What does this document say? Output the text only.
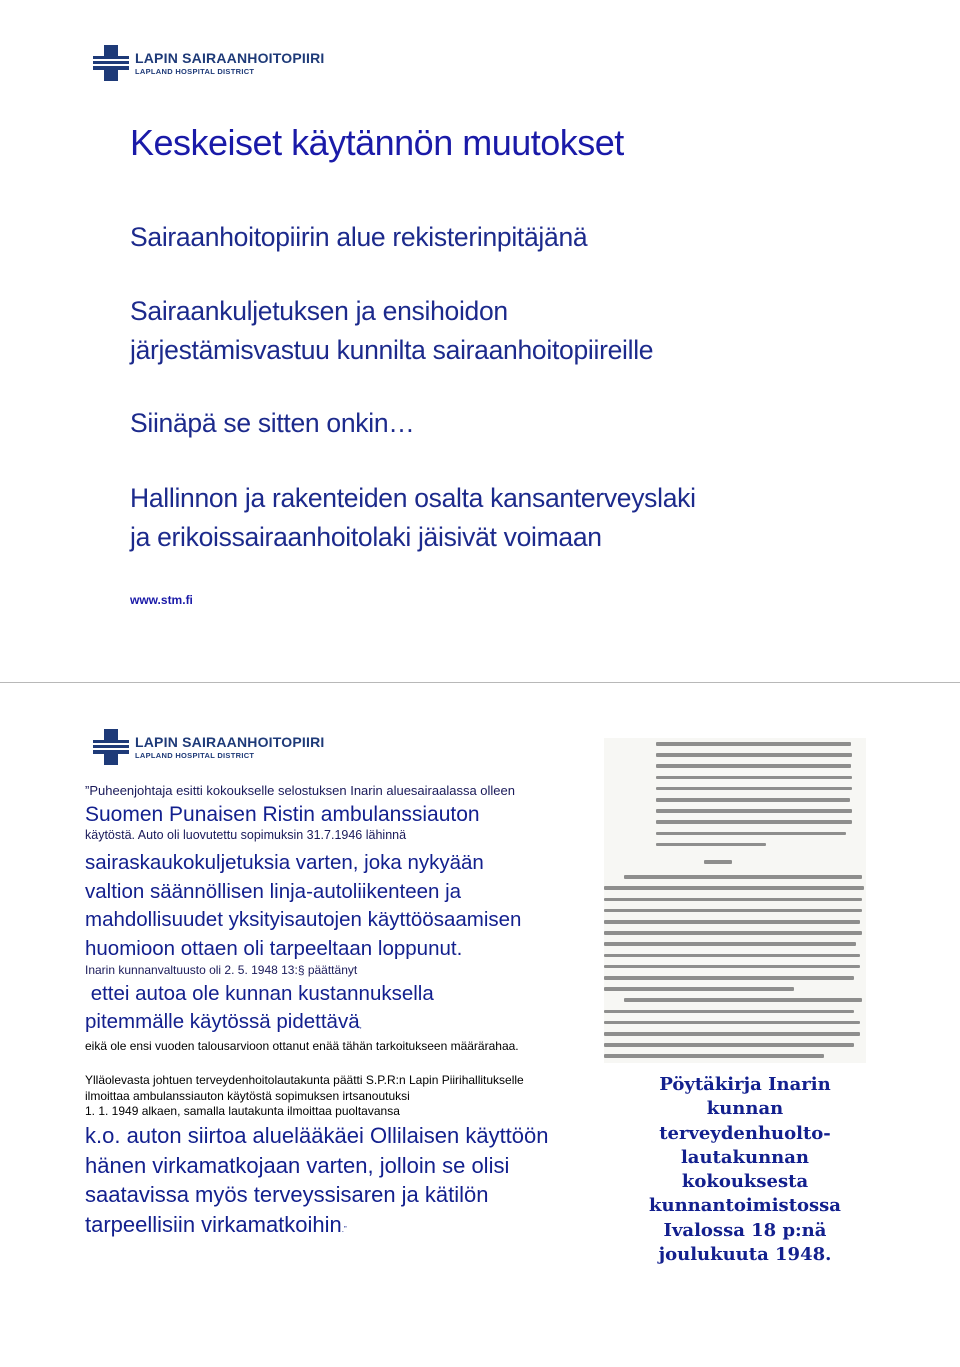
LAPIN SAIRAANHOITOPIIRI
LAPLAND HOSPITAL DISTRICT
Keskeiset käytännön muutokset

Sairaanhoitopiirin alue rekisterinpitäjänä

Sairaankuljetuksen ja ensihoidon
järjestämisvastuu kunnilta sairaanhoitopiireille

Siinäpä se sitten onkin…

Hallinnon ja rakenteiden osalta kansanterveyslaki
ja erikoissairaanhoitolaki jäisivät voimaan

www.stm.fi
LAPIN SAIRAANHOITOPIIRI
LAPLAND HOSPITAL DISTRICT
”Puheenjohtaja esitti kokoukselle selostuksen Inarin aluesairaalassa olleen
Suomen Punaisen Ristin ambulanssiauton
käytöstä. Auto oli luovutettu sopimuksin 31.7.1946 lähinnä
sairaskaukokuljetuksia varten, joka nykyään
valtion säännöllisen linja-autoliikenteen ja
mahdollisuudet yksityisautojen käyttöösaamisen
huomioon ottaen oli tarpeeltaan loppunut.
Inarin kunnanvaltuusto oli 2. 5. 1948 13:§ päättänyt
ettei autoa ole kunnan kustannuksella
pitemmälle käytössä pidettävä,
eikä ole ensi vuoden talousarvioon ottanut enää tähän tarkoitukseen määrärahaa.
Ylläolevasta johtuen terveydenhoitolautakunta päätti S.P.R:n Lapin Piirihallitukselle
ilmoittaa ambulanssiauton käytöstä sopimuksen irtsanoutuksi
1. 1. 1949 alkaen, samalla lautakunta ilmoittaa puoltavansa
k.o. auton siirtoa aluelääkäei Ollilaisen käyttöön
hänen virkamatkojaan varten, jolloin se olisi
saatavissa myös terveyssisaren ja kätilön
tarpeellisiin virkamatkoihin.”
Pöytäkirja Inarin
kunnan
terveydenhuolto-
lautakunnan
kokouksesta
kunnantoimistossa
Ivalossa 18 p:nä
joulukuuta 1948.
